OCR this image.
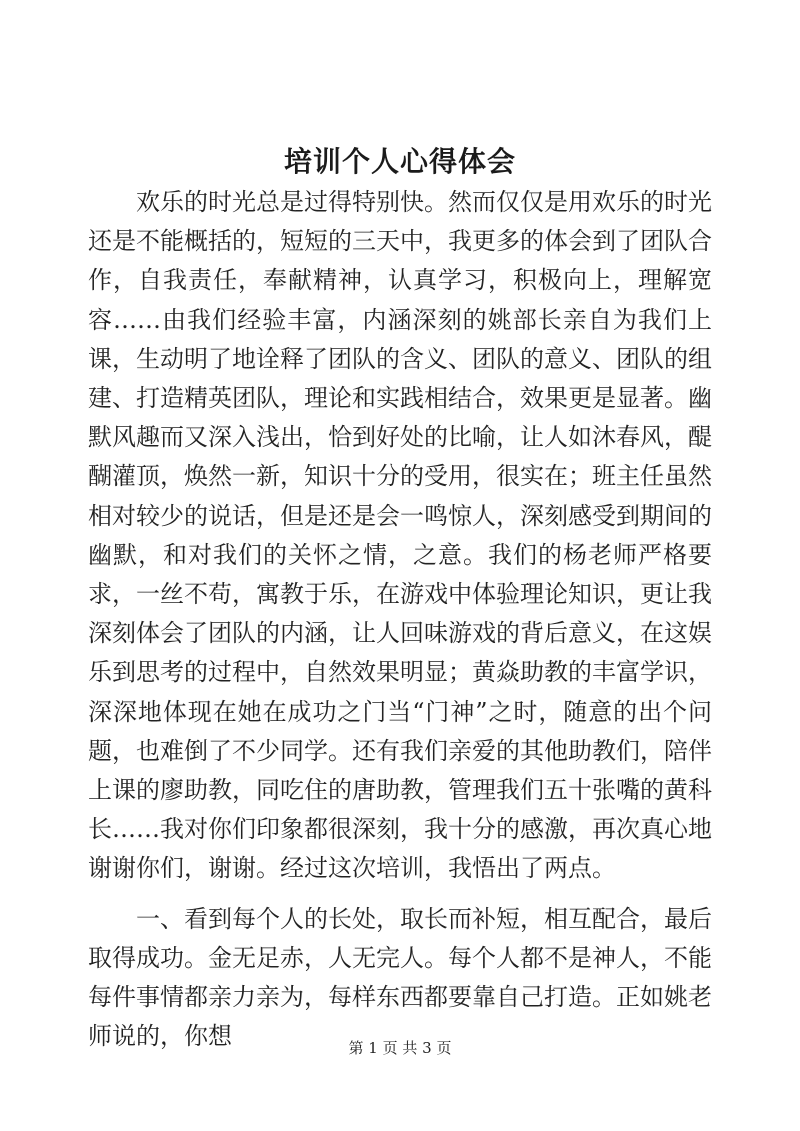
培训个人心得体会

欢乐的时光总是过得特别快。然而仅仅是用欢乐的时光还是不能概括的，短短的三天中，我更多的体会到了团队合作，自我责任，奉献精神，认真学习，积极向上，理解宽容……由我们经验丰富，内涵深刻的姚部长亲自为我们上课，生动明了地诠释了团队的含义、团队的意义、团队的组建、打造精英团队，理论和实践相结合，效果更是显著。幽默风趣而又深入浅出，恰到好处的比喻，让人如沐春风，醍醐灌顶，焕然一新，知识十分的受用，很实在；班主任虽然相对较少的说话，但是还是会一鸣惊人，深刻感受到期间的幽默，和对我们的关怀之情，之意。我们的杨老师严格要求，一丝不苟，寓教于乐，在游戏中体验理论知识，更让我深刻体会了团队的内涵，让人回味游戏的背后意义，在这娱乐到思考的过程中，自然效果明显；黄焱助教的丰富学识，深深地体现在她在成功之门当“门神”之时，随意的出个问题，也难倒了不少同学。还有我们亲爱的其他助教们，陪伴上课的廖助教，同吃住的唐助教，管理我们五十张嘴的黄科长……我对你们印象都很深刻，我十分的感激，再次真心地谢谢你们，谢谢。经过这次培训，我悟出了两点。

一、看到每个人的长处，取长而补短，相互配合，最后取得成功。金无足赤，人无完人。每个人都不是神人，不能每件事情都亲力亲为，每样东西都要靠自己打造。正如姚老师说的，你想	第 1 页 共 3 页
